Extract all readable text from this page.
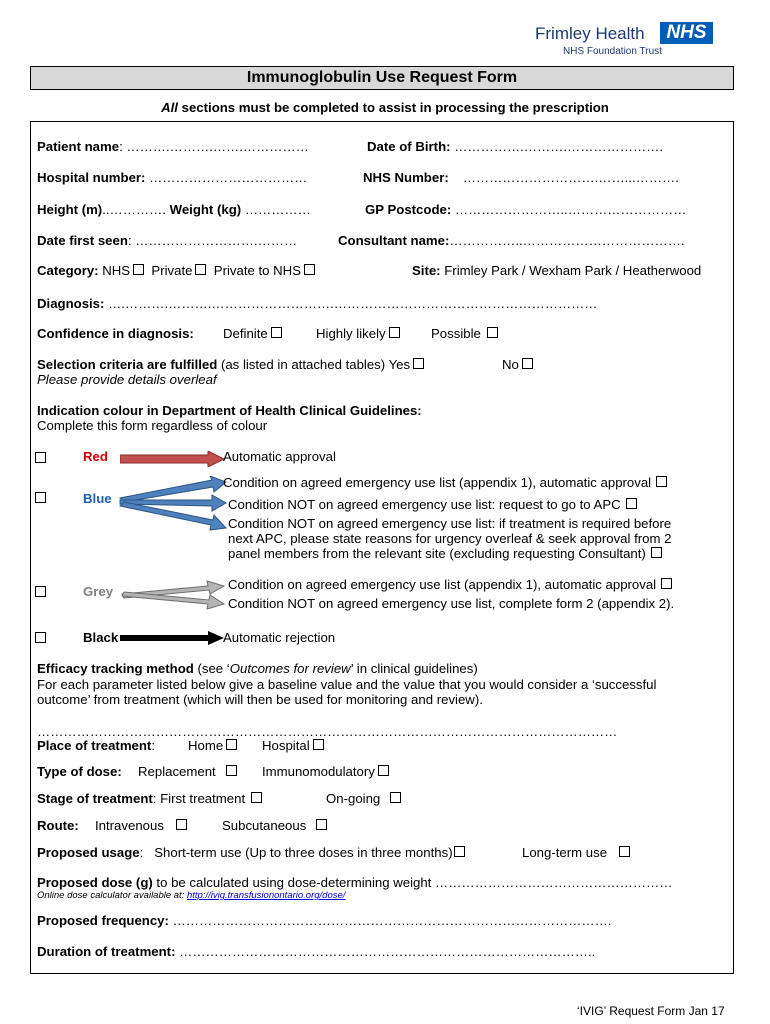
Frimley Health	NHS
NHS Foundation Trust
Immunoglobulin Use Request Form
All sections must be completed to assist in processing the prescription
Patient name: ……….……….…….……………	Date of Birth: …………….……….………………….
Hospital number: ………………………………	NHS Number: ………………………….……...……….
Height (m)..…………. Weight (kg) ……………	GP Postcode: ……………………..………………………
Date first seen: ……………………….………	Consultant name:……………..……………………………….
Category: NHS Private Private to NHS	Site: Frimley Park / Wexham Park / Heatherwood
Diagnosis: ….……….……….……………………….……………………………………………………
Confidence in diagnosis: Definite	Highly likely	Possible
Selection criteria are fulfilled (as listed in attached tables) Yes	No
Please provide details overleaf
Indication colour in Department of Health Clinical Guidelines:
Complete this form regardless of colour
Red	Automatic approval
Blue
Condition on agreed emergency use list (appendix 1), automatic approval
Condition NOT on agreed emergency use list: request to go to APC
Condition NOT on agreed emergency use list: if treatment is required before
next APC, please state reasons for urgency overleaf & seek approval from 2
panel members from the relevant site (excluding requesting Consultant)
Grey	Condition on agreed emergency use list (appendix 1), automatic approval
Condition NOT on agreed emergency use list, complete form 2 (appendix 2).
Black	Automatic rejection
Efficacy tracking method (see ‘Outcomes for review’ in clinical guidelines)
For each parameter listed below give a baseline value and the value that you would consider a ‘successful
outcome’ from treatment (which will then be used for monitoring and review).
……………………………………………………………………………………………………………………
Place of treatment: Home	Hospital
Type of dose: Replacement	Immunomodulatory
Stage of treatment: First treatment	On-going
Route: Intravenous	Subcutaneous
Proposed usage:   Short-term use (Up to three doses in three months)	Long-term use
Proposed dose (g) to be calculated using dose-determining weight ………………………………………………
Online dose calculator available at: http://ivig.transfusionontario.org/dose/
Proposed frequency: ……………………………………………………………………………………….
Duration of treatment: …………………………………………………………………………………..
‘IVIG’ Request Form Jan 17
